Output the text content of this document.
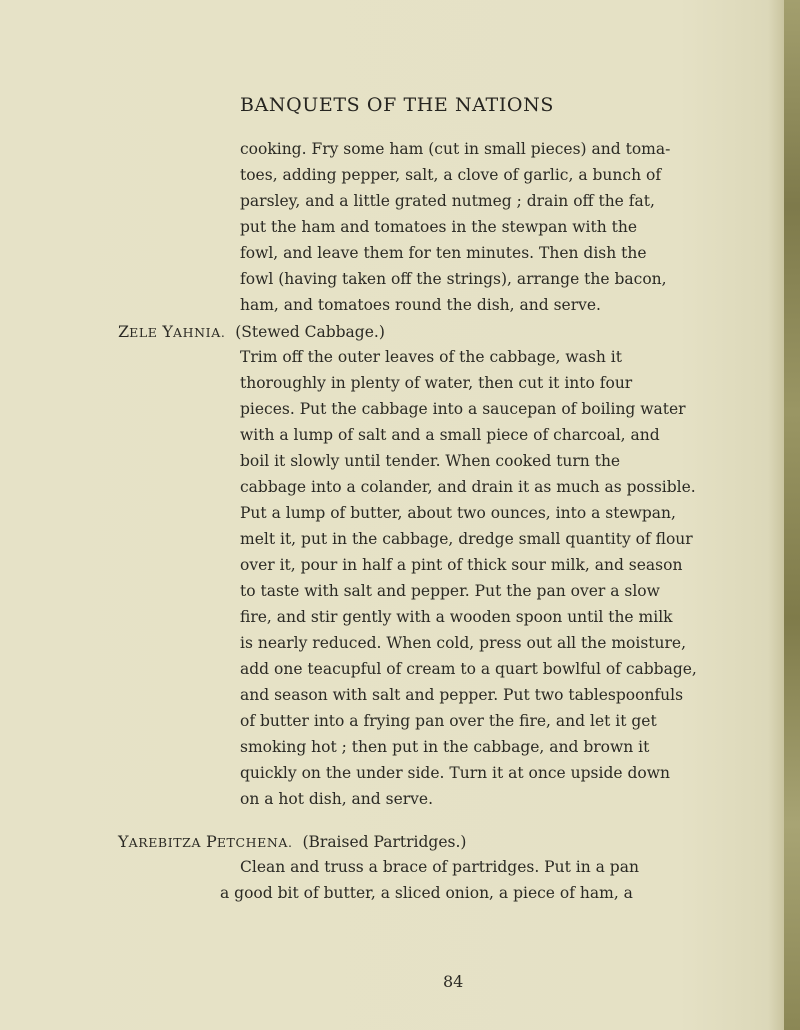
BANQUETS OF THE NATIONS
cooking. Fry some ham (cut in small pieces) and toma-
toes, adding pepper, salt, a clove of garlic, a bunch of
parsley, and a little grated nutmeg ; drain off the fat,
put the ham and tomatoes in the stewpan with the
fowl, and leave them for ten minutes. Then dish the
fowl (having taken off the strings), arrange the bacon,
ham, and tomatoes round the dish, and serve.
ZELE YAHNIA. (Stewed Cabbage.)
Trim off the outer leaves of the cabbage, wash it
thoroughly in plenty of water, then cut it into four
pieces. Put the cabbage into a saucepan of boiling water
with a lump of salt and a small piece of charcoal, and
boil it slowly until tender. When cooked turn the
cabbage into a colander, and drain it as much as possible.
Put a lump of butter, about two ounces, into a stewpan,
melt it, put in the cabbage, dredge small quantity of flour
over it, pour in half a pint of thick sour milk, and season
to taste with salt and pepper. Put the pan over a slow
fire, and stir gently with a wooden spoon until the milk
is nearly reduced. When cold, press out all the moisture,
add one teacupful of cream to a quart bowlful of cabbage,
and season with salt and pepper. Put two tablespoonfuls
of butter into a frying pan over the fire, and let it get
smoking hot ; then put in the cabbage, and brown it
quickly on the under side. Turn it at once upside down
on a hot dish, and serve.
YAREBITZA PETCHENA. (Braised Partridges.)
Clean and truss a brace of partridges. Put in a pan
a good bit of butter, a sliced onion, a piece of ham, a
84
